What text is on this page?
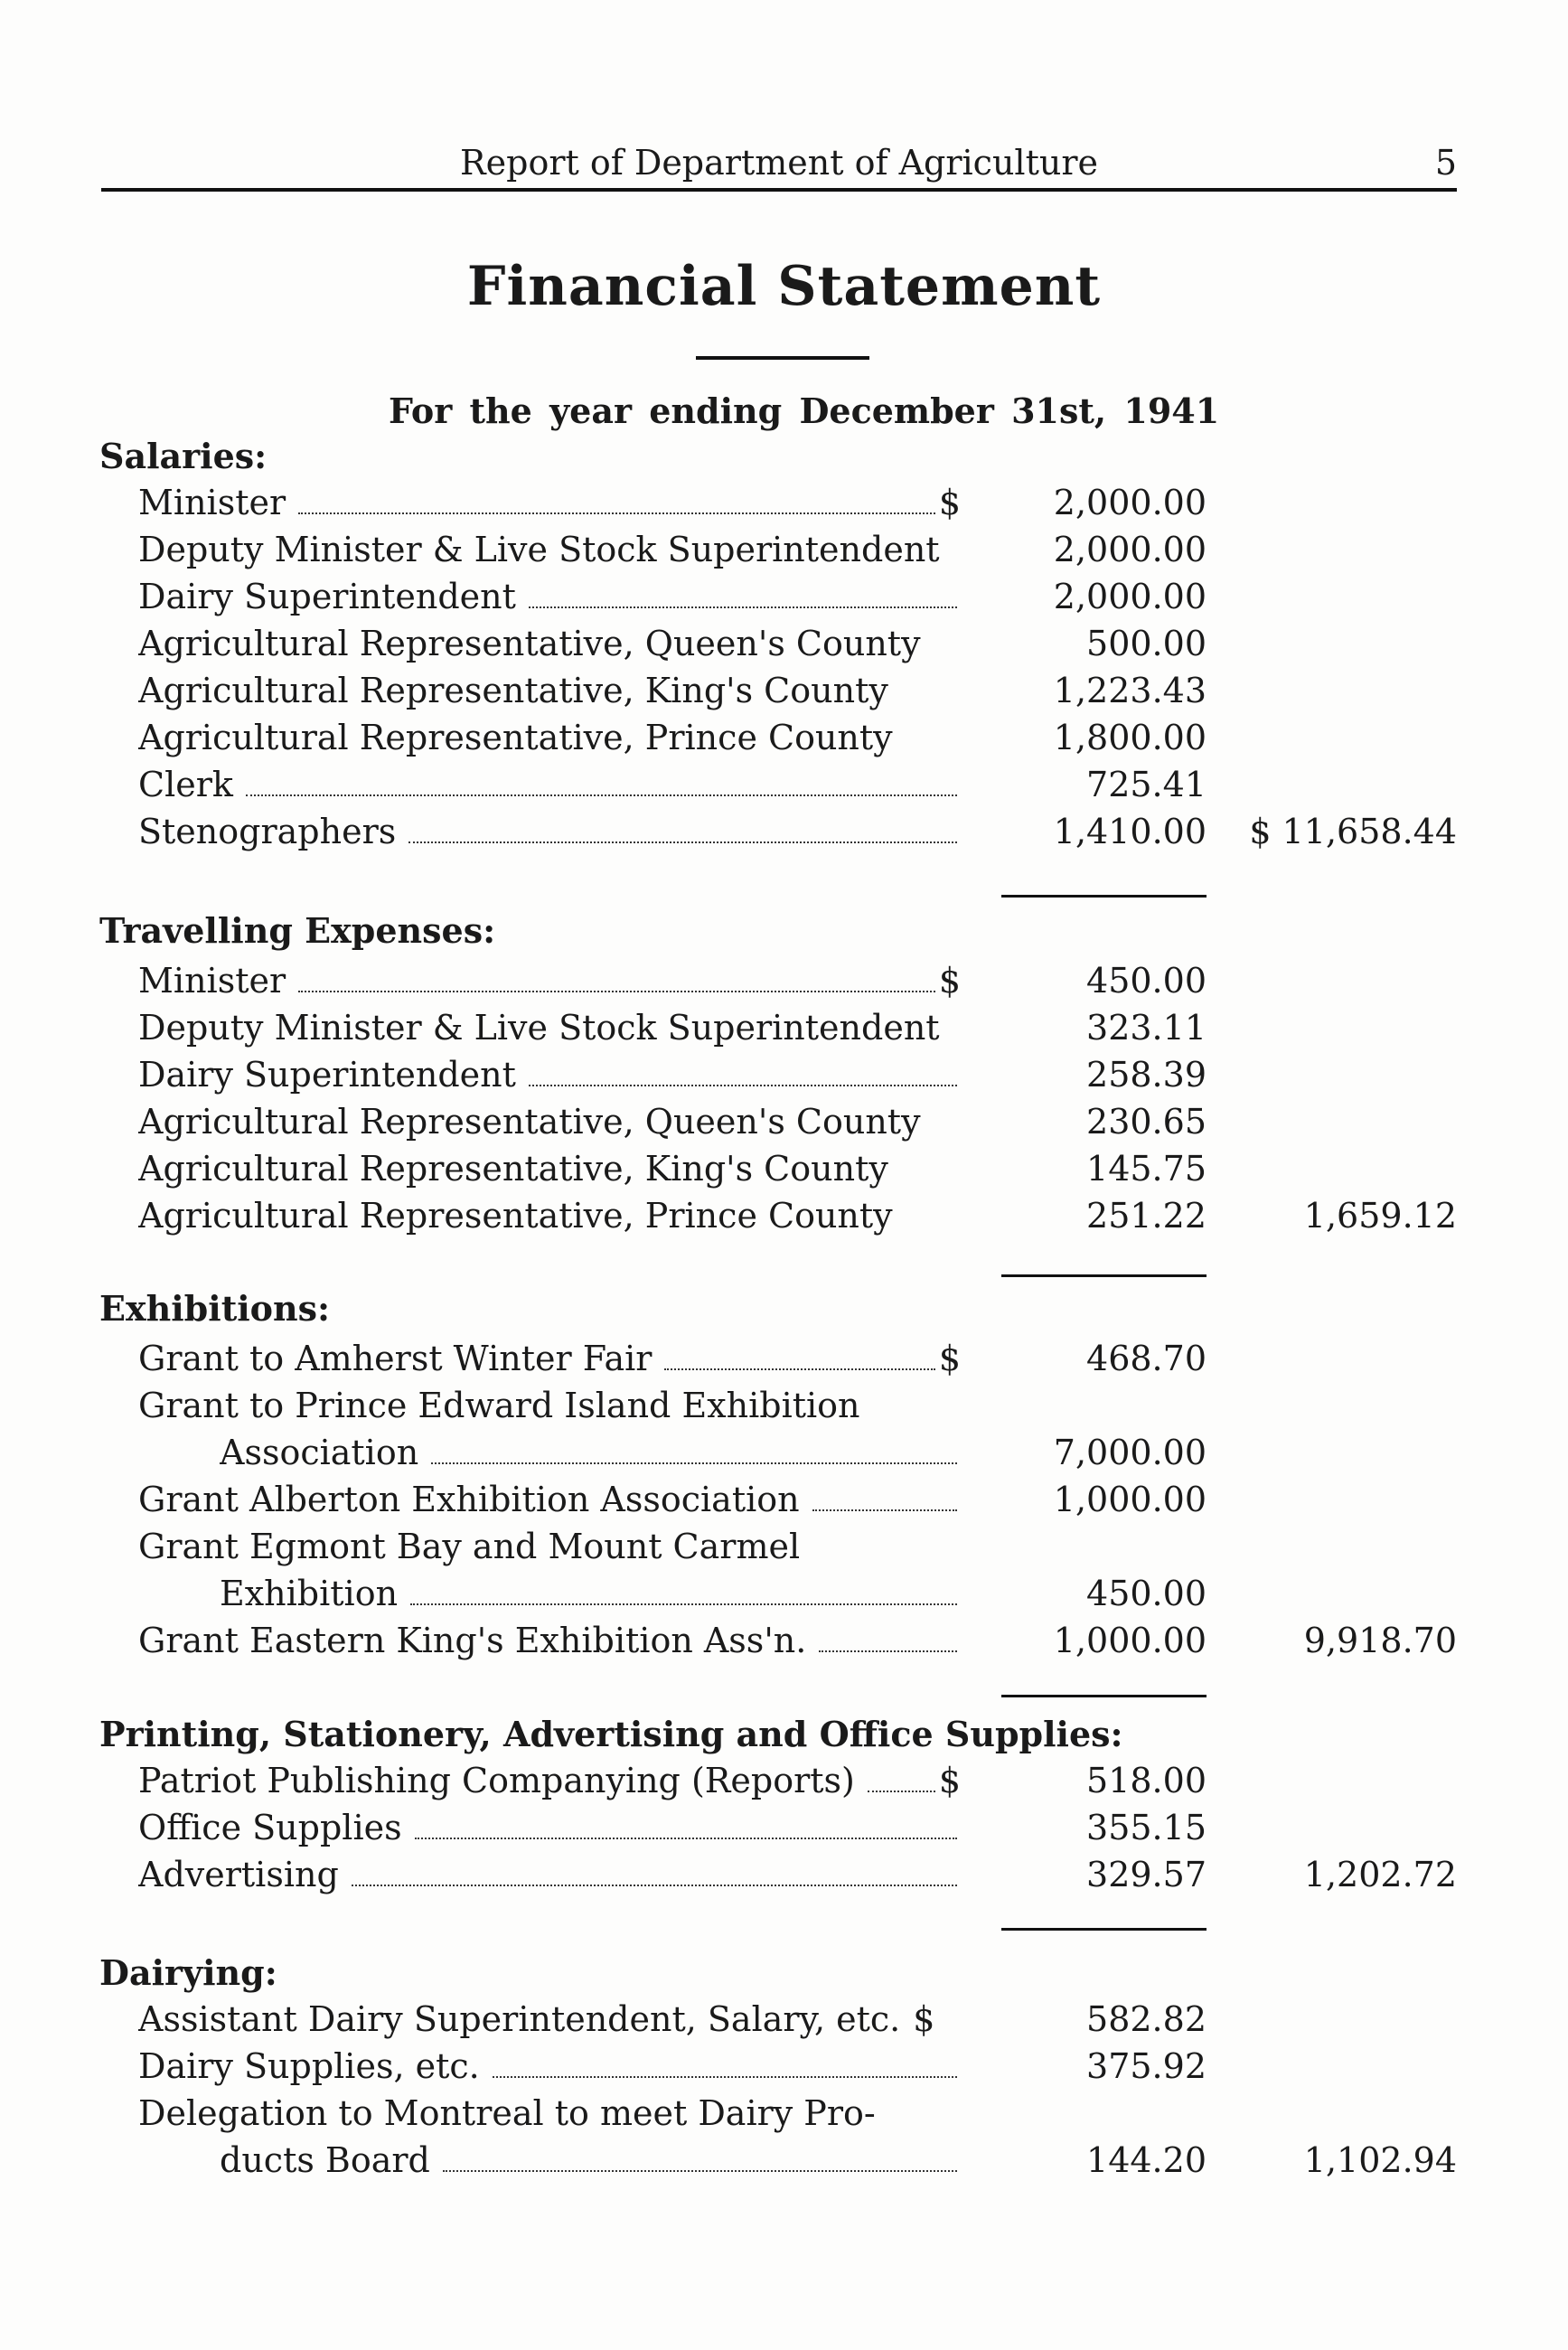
Report of Department of Agriculture	5
Financial Statement
For the year ending December 31st, 1941
Salaries:
Minister	$	2,000.00
Deputy Minister & Live Stock Superintendent	2,000.00
Dairy Superintendent	2,000.00
Agricultural Representative, Queen's County	500.00
Agricultural Representative, King's County	1,223.43
Agricultural Representative, Prince County	1,800.00
Clerk	725.41
Stenographers	1,410.00	$ 11,658.44
Travelling Expenses:
Minister	$	450.00
Deputy Minister & Live Stock Superintendent	323.11
Dairy Superintendent	258.39
Agricultural Representative, Queen's County	230.65
Agricultural Representative, King's County	145.75
Agricultural Representative, Prince County	251.22	1,659.12
Exhibitions:
Grant to Amherst Winter Fair	$	468.70
Grant to Prince Edward Island Exhibition
Association	7,000.00
Grant Alberton Exhibition Association	1,000.00
Grant Egmont Bay and Mount Carmel
Exhibition	450.00
Grant Eastern King's Exhibition Ass'n.	1,000.00	9,918.70
Printing, Stationery, Advertising and Office Supplies:
Patriot Publishing Companying (Reports) $	518.00
Office Supplies	355.15
Advertising	329.57	1,202.72
Dairying:
Assistant Dairy Superintendent, Salary, etc. $	582.82
Dairy Supplies, etc.	375.92
Delegation to Montreal to meet Dairy Pro-
ducts Board	144.20	1,102.94
